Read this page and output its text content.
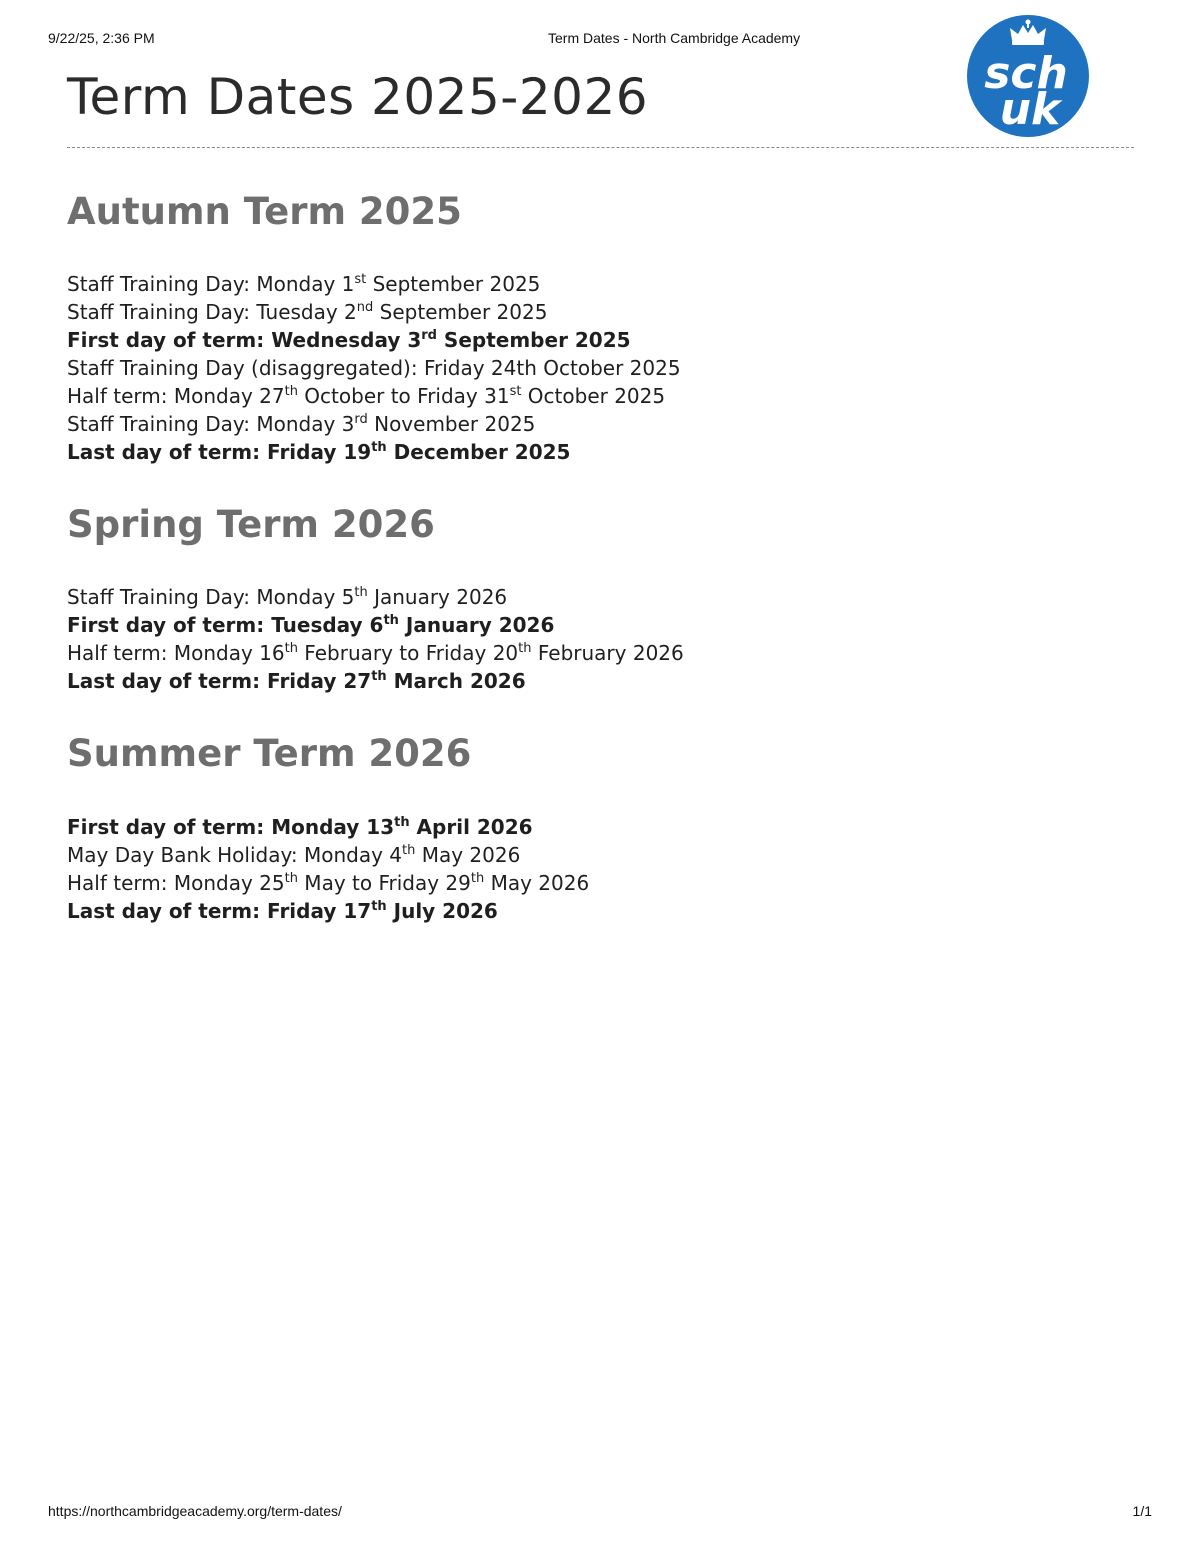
9/22/25, 2:36 PM	Term Dates - North Cambridge Academy
sch
uk
Term Dates 2025-2026
Autumn Term 2025
Staff Training Day: Monday 1st September 2025
Staff Training Day: Tuesday 2nd September 2025
First day of term: Wednesday 3rd September 2025
Staff Training Day (disaggregated): Friday 24th October 2025
Half term: Monday 27th October to Friday 31st October 2025
Staff Training Day: Monday 3rd November 2025
Last day of term: Friday 19th December 2025
Spring Term 2026
Staff Training Day: Monday 5th January 2026
First day of term: Tuesday 6th January 2026
Half term: Monday 16th February to Friday 20th February 2026
Last day of term: Friday 27th March 2026
Summer Term 2026
First day of term: Monday 13th April 2026
May Day Bank Holiday: Monday 4th May 2026
Half term: Monday 25th May to Friday 29th May 2026
Last day of term: Friday 17th July 2026
https://northcambridgeacademy.org/term-dates/	1/1
